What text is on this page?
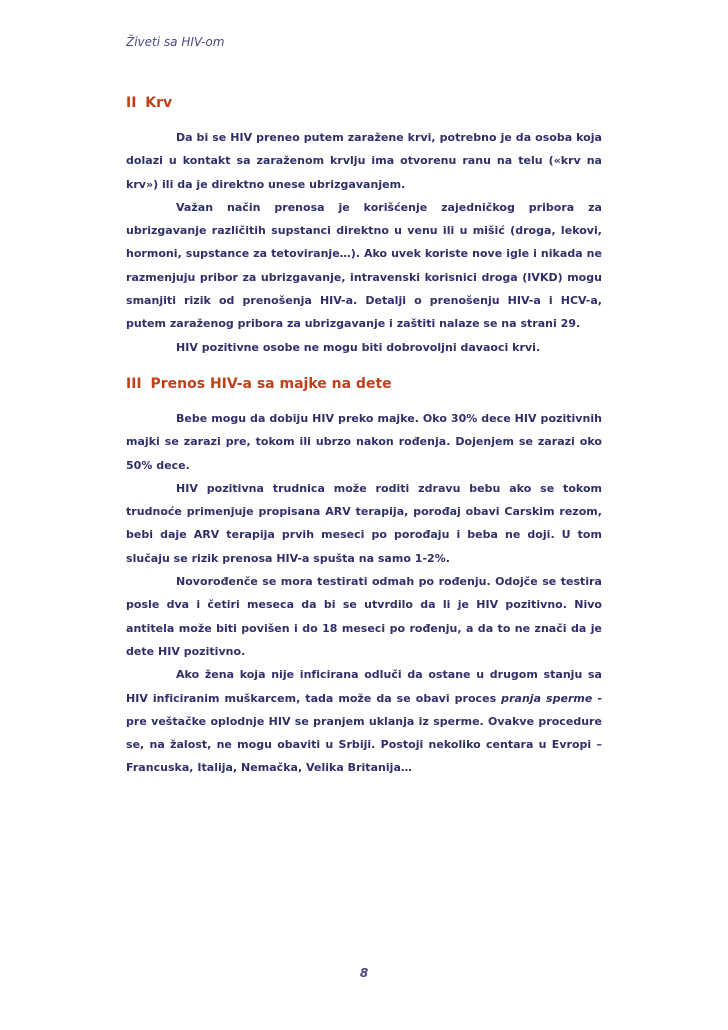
Živeti sa HIV-om
II Krv

Da bi se HIV preneo putem zaražene krvi, potrebno je da osoba koja dolazi u kontakt sa zaraženom krvlju ima otvorenu ranu na telu («krv na krv») ili da je direktno unese ubrizgavanjem.

Važan način prenosa je korišćenje zajedničkog pribora za ubrizgavanje različitih supstanci direktno u venu ili u mišić (droga, lekovi, hormoni, supstance za tetoviranje…). Ako uvek koriste nove igle i nikada ne razmenjuju pribor za ubrizgavanje, intravenski korisnici droga (IVKD) mogu smanjiti rizik od prenošenja HIV-a. Detalji o prenošenju HIV-a i HCV-a, putem zaraženog pribora za ubrizgavanje i zaštiti nalaze se na strani 29.

HIV pozitivne osobe ne mogu biti dobrovoljni davaoci krvi.

III Prenos HIV-a sa majke na dete

Bebe mogu da dobiju HIV preko majke. Oko 30% dece HIV pozitivnih majki se zarazi pre, tokom ili ubrzo nakon rođenja. Dojenjem se zarazi oko 50% dece.

HIV pozitivna trudnica može roditi zdravu bebu ako se tokom trudnoće primenjuje propisana ARV terapija, porođaj obavi Carskim rezom, bebi daje ARV terapija prvih meseci po porođaju i beba ne doji. U tom slučaju se rizik prenosa HIV-a spušta na samo 1-2%.

Novorođenče se mora testirati odmah po rođenju. Odojče se testira posle dva i četiri meseca da bi se utvrdilo da li je HIV pozitivno. Nivo antitela može biti povišen i do 18 meseci po rođenju, a da to ne znači da je dete HIV pozitivno.

Ako žena koja nije inficirana odluči da ostane u drugom stanju sa HIV inficiranim muškarcem, tada može da se obavi proces pranja sperme - pre veštačke oplodnje HIV se pranjem uklanja iz sperme. Ovakve procedure se, na žalost, ne mogu obaviti u Srbiji. Postoji nekoliko centara u Evropi – Francuska, Italija, Nemačka, Velika Britanija…

8
